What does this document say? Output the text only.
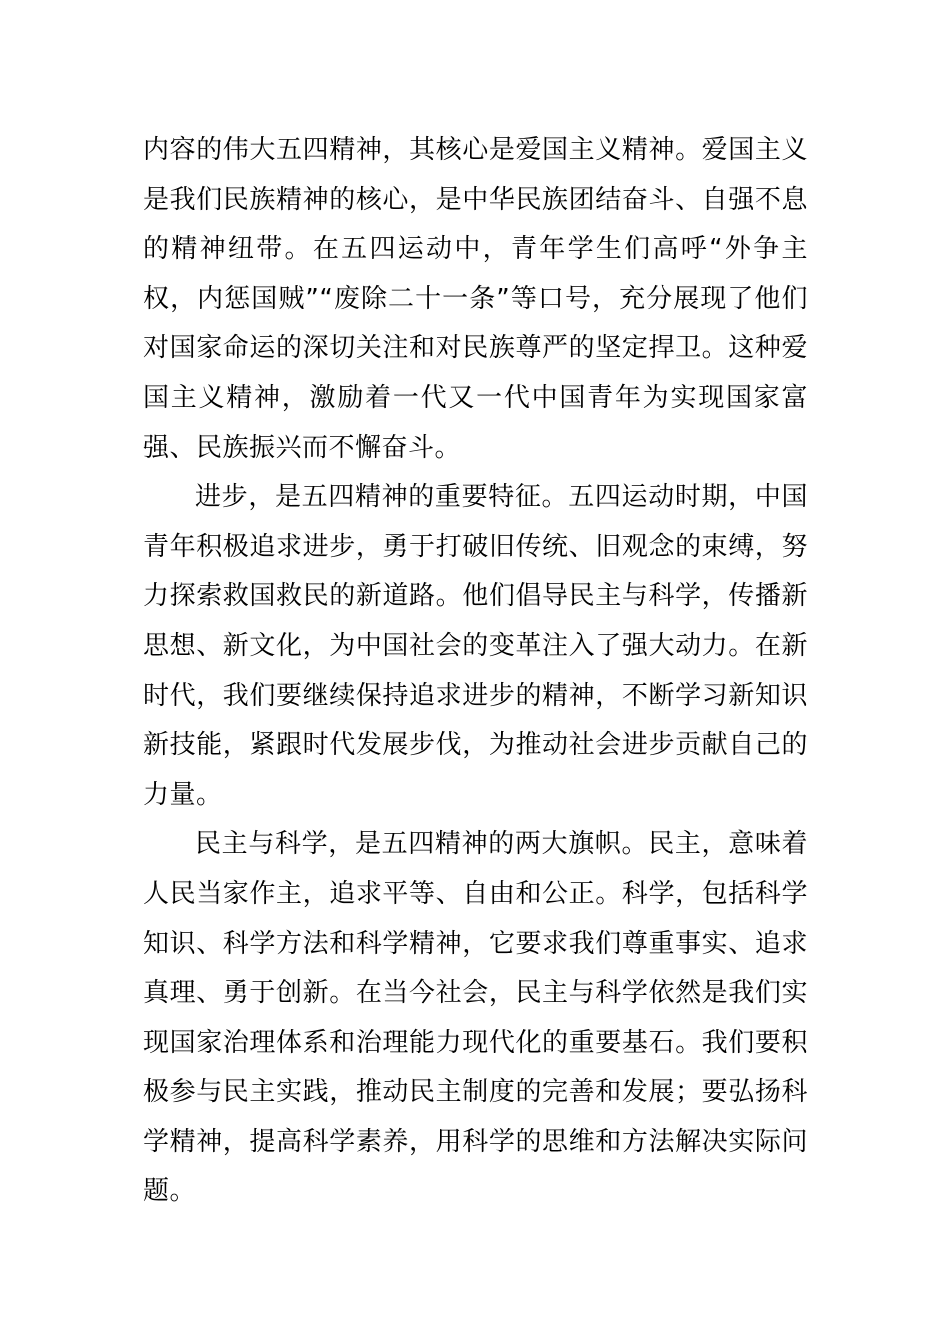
内容的伟大五四精神，其核心是爱国主义精神。爱国主义是我们民族精神的核心，是中华民族团结奋斗、自强不息的精神纽带。在五四运动中，青年学生们高呼“外争主权，内惩国贼”“废除二十一条”等口号，充分展现了他们对国家命运的深切关注和对民族尊严的坚定捍卫。这种爱国主义精神，激励着一代又一代中国青年为实现国家富强、民族振兴而不懈奋斗。

进步，是五四精神的重要特征。五四运动时期，中国青年积极追求进步，勇于打破旧传统、旧观念的束缚，努力探索救国救民的新道路。他们倡导民主与科学，传播新思想、新文化，为中国社会的变革注入了强大动力。在新时代，我们要继续保持追求进步的精神，不断学习新知识新技能，紧跟时代发展步伐，为推动社会进步贡献自己的力量。

民主与科学，是五四精神的两大旗帜。民主，意味着人民当家作主，追求平等、自由和公正。科学，包括科学知识、科学方法和科学精神，它要求我们尊重事实、追求真理、勇于创新。在当今社会，民主与科学依然是我们实现国家治理体系和治理能力现代化的重要基石。我们要积极参与民主实践，推动民主制度的完善和发展；要弘扬科学精神，提高科学素养，用科学的思维和方法解决实际问题。
